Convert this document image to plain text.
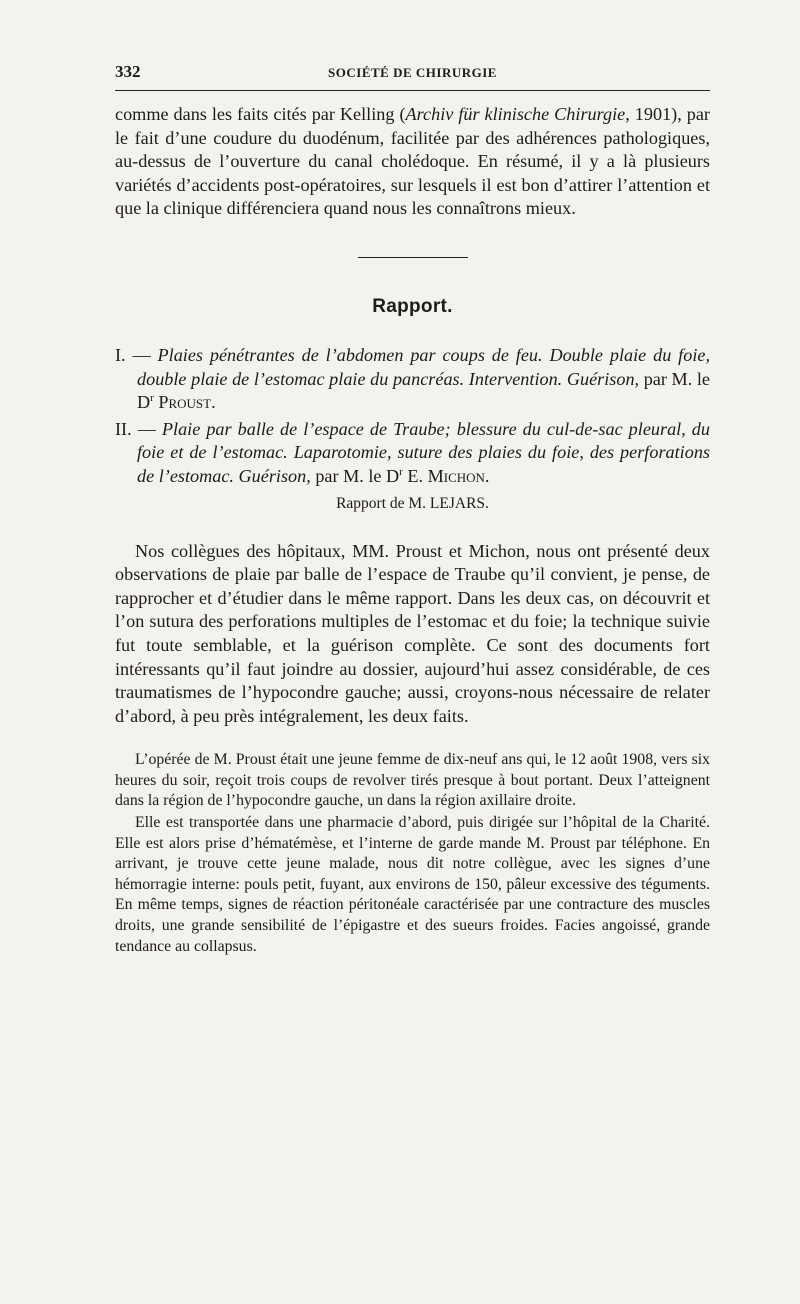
332	SOCIÉTÉ DE CHIRURGIE

comme dans les faits cités par Kelling (Archiv für klinische Chirurgie, 1901), par le fait d’une coudure du duodénum, facilitée par des adhérences pathologiques, au-dessus de l’ouverture du canal cholédoque. En résumé, il y a là plusieurs variétés d’accidents post-opératoires, sur lesquels il est bon d’attirer l’attention et que la clinique différenciera quand nous les connaîtrons mieux.

Rapport.

I. — Plaies pénétrantes de l’abdomen par coups de feu. Double plaie du foie, double plaie de l’estomac plaie du pancréas. Intervention. Guérison, par M. le $D^r$ Proust.

II. — Plaie par balle de l’espace de Traube; blessure du cul-de-sac pleural, du foie et de l’estomac. Laparotomie, suture des plaies du foie, des perforations de l’estomac. Guérison, par M. le $D^r$ E. Michon.

Rapport de M. LEJARS.

Nos collègues des hôpitaux, MM. Proust et Michon, nous ont présenté deux observations de plaie par balle de l’espace de Traube qu’il convient, je pense, de rapprocher et d’étudier dans le même rapport. Dans les deux cas, on découvrit et l’on sutura des perforations multiples de l’estomac et du foie; la technique suivie fut toute semblable, et la guérison complète. Ce sont des documents fort intéressants qu’il faut joindre au dossier, aujourd’hui assez considérable, de ces traumatismes de l’hypocondre gauche; aussi, croyons-nous nécessaire de relater d’abord, à peu près intégralement, les deux faits.

L’opérée de M. Proust était une jeune femme de dix-neuf ans qui, le 12 août 1908, vers six heures du soir, reçoit trois coups de revolver tirés presque à bout portant. Deux l’atteignent dans la région de l’hypocondre gauche, un dans la région axillaire droite.

Elle est transportée dans une pharmacie d’abord, puis dirigée sur l’hôpital de la Charité. Elle est alors prise d’hématémèse, et l’interne de garde mande M. Proust par téléphone. En arrivant, je trouve cette jeune malade, nous dit notre collègue, avec les signes d’une hémorragie interne: pouls petit, fuyant, aux environs de 150, pâleur excessive des téguments. En même temps, signes de réaction péritonéale caractérisée par une contracture des muscles droits, une grande sensibilité de l’épigastre et des sueurs froides. Facies angoissé, grande tendance au collapsus.
